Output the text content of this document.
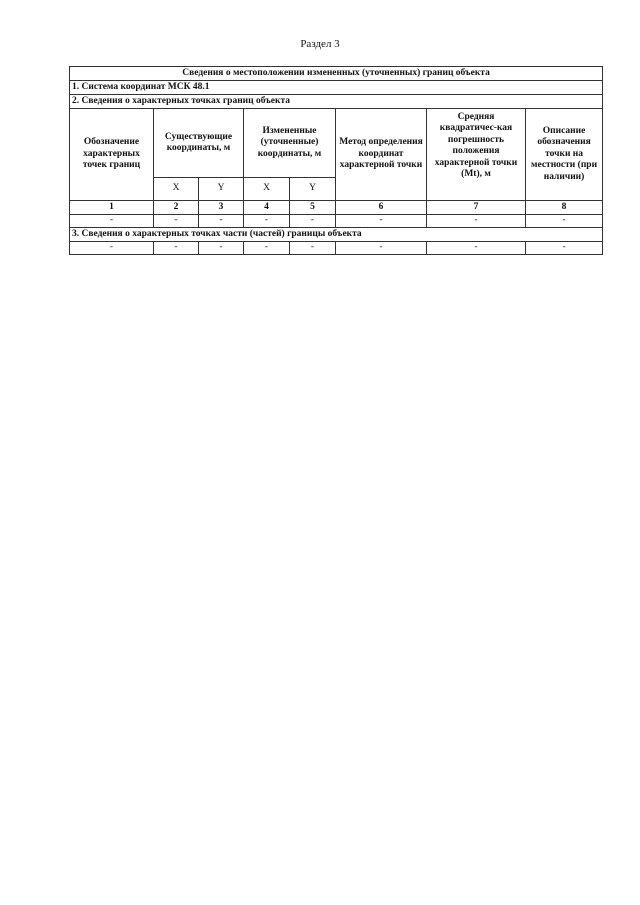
Раздел 3
Сведения о местоположении измененных (уточненных) границ объекта							
1. Система координат МСК 48.1							
2. Сведения о характерных точках границ объекта							
Обозначение характерных точек границ	Существующие координаты, м		Измененные (уточненные) координаты, м		Метод определения координат характерной точки	Средняя квадратичес-кая погрешность положения характерной точки (Mt), м	Описание обозначения точки на местности (при наличии)
	X	Y	X	Y			
1	2	3	4	5	6	7	8
-	-	-	-	-	-	-	-
3. Сведения о характерных точках части (частей) границы объекта							
-	-	-	-	-	-	-	-
